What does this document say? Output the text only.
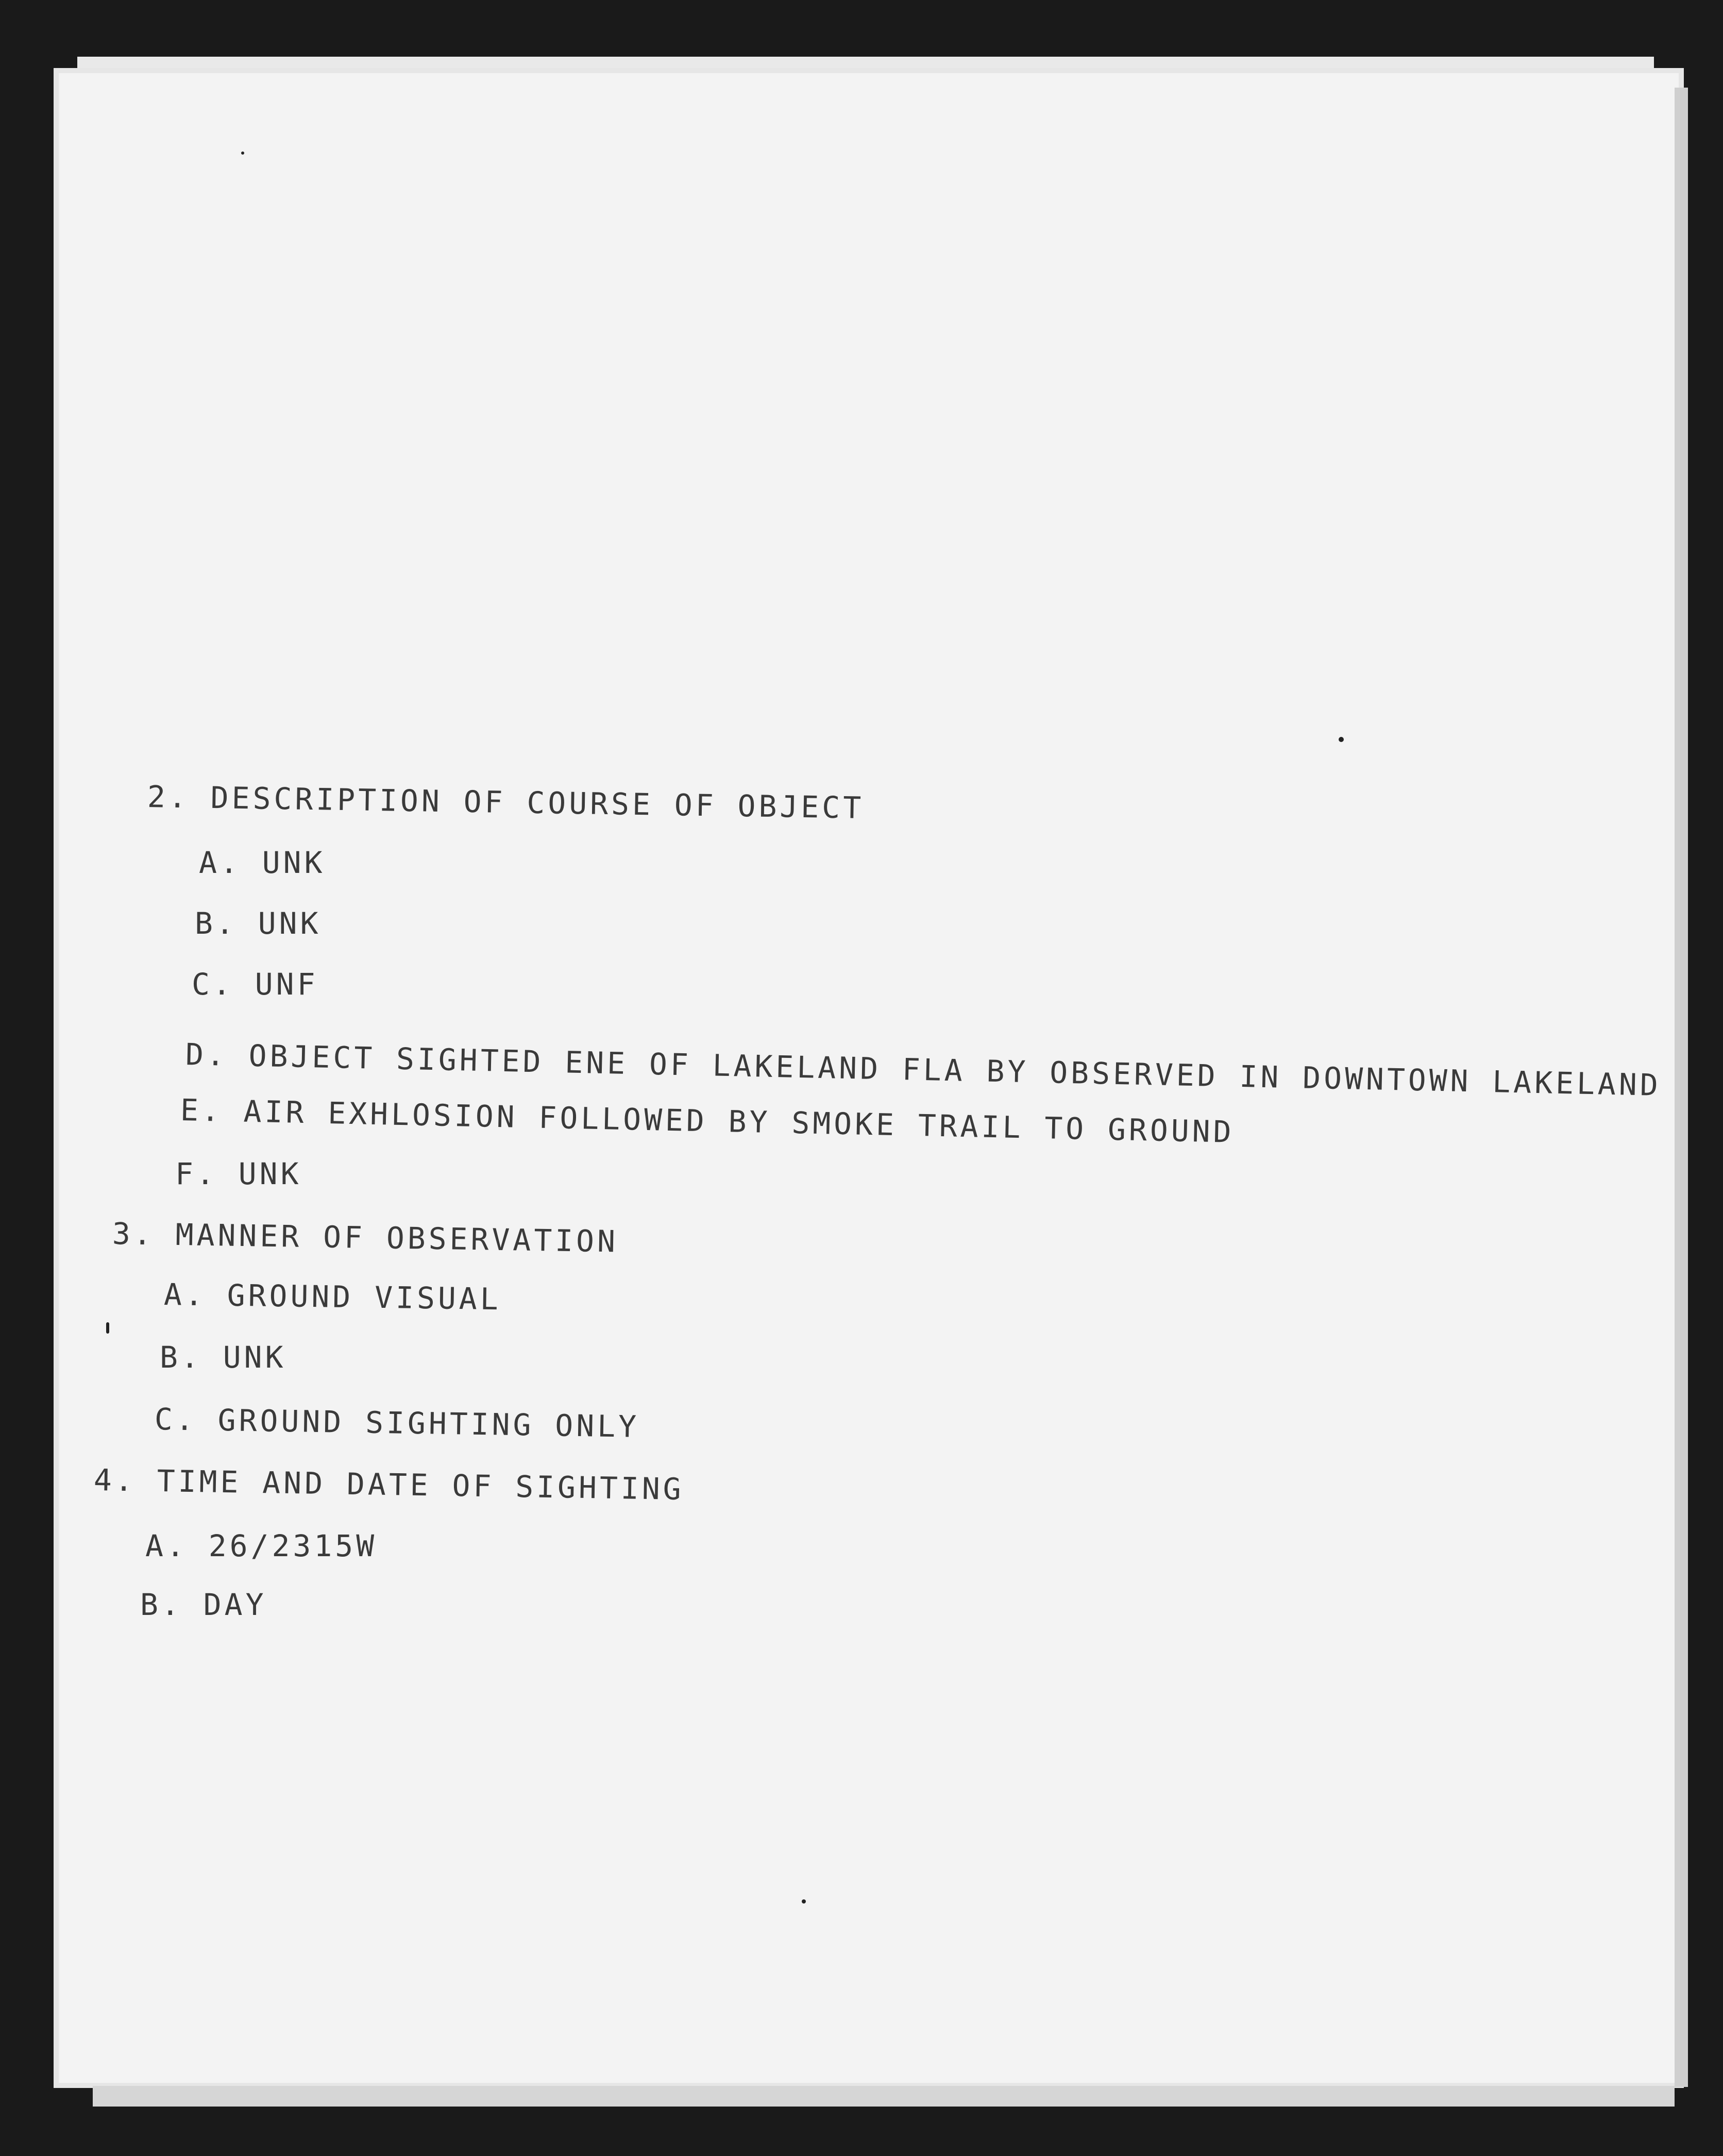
2. DESCRIPTION OF COURSE OF OBJECT

A. UNK

B. UNK

C. UNF

D. OBJECT SIGHTED ENE OF LAKELAND FLA BY OBSERVED IN DOWNTOWN LAKELAND

E. AIR EXHLOSION FOLLOWED BY SMOKE TRAIL TO GROUND

F. UNK

3. MANNER OF OBSERVATION

A. GROUND VISUAL

B. UNK

C. GROUND SIGHTING ONLY

4. TIME AND DATE OF SIGHTING

A. 26/2315W

B. DAY
